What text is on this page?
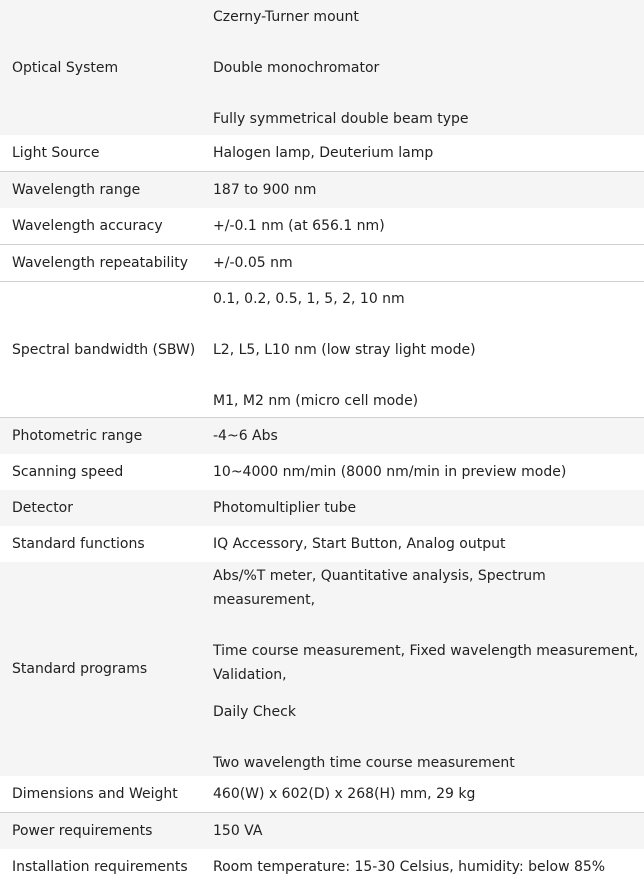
Optical System	Czerny-Turner mount

Double monochromator

Fully symmetrical double beam type

Light Source	Halogen lamp, Deuterium lamp
Wavelength range	187 to 900 nm
Wavelength accuracy	+/-0.1 nm (at 656.1 nm)
Wavelength repeatability	+/-0.05 nm
Spectral bandwidth (SBW)	0.1, 0.2, 0.5, 1, 5, 2, 10 nm

L2, L5, L10 nm (low stray light mode)

M1, M2 nm (micro cell mode)

Photometric range	-4~6 Abs
Scanning speed	10~4000 nm/min (8000 nm/min in preview mode)
Detector	Photomultiplier tube
Standard functions	IQ Accessory, Start Button, Analog output
Standard programs	Abs/%T meter, Quantitative analysis, Spectrum measurement,

Time course measurement, Fixed wavelength measurement, Validation,

Daily Check

Two wavelength time course measurement

Dimensions and Weight	460(W) x 602(D) x 268(H) mm, 29 kg
Power requirements	150 VA
Installation requirements	Room temperature: 15-30 Celsius, humidity: below 85%
